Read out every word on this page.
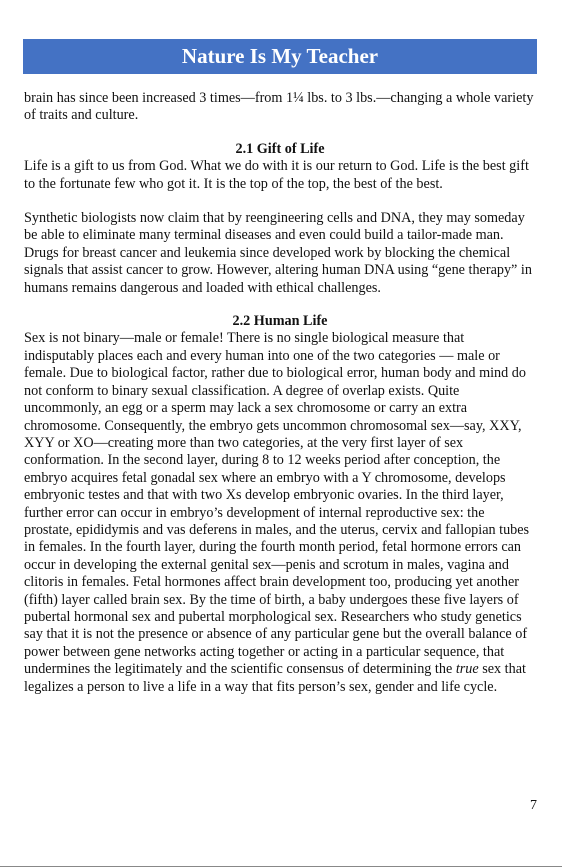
Nature Is My Teacher

brain has since been increased 3 times—from 1¼ lbs. to 3 lbs.—changing a whole variety of traits and culture.

2.1 Gift of Life

Life is a gift to us from God. What we do with it is our return to God. Life is the best gift to the fortunate few who got it. It is the top of the top, the best of the best.

Synthetic biologists now claim that by reengineering cells and DNA, they may someday be able to eliminate many terminal diseases and even could build a tailor-made man. Drugs for breast cancer and leukemia since developed work by blocking the chemical signals that assist cancer to grow. However, altering human DNA using “gene therapy” in humans remains dangerous and loaded with ethical challenges.

2.2 Human Life

Sex is not binary—male or female! There is no single biological measure that indisputably places each and every human into one of the two categories — male or female. Due to biological factor, rather due to biological error, human body and mind do not conform to binary sexual classification. A degree of overlap exists. Quite uncommonly, an egg or a sperm may lack a sex chromosome or carry an extra chromosome. Consequently, the embryo gets uncommon chromosomal sex—say, XXY, XYY or XO—creating more than two categories, at the very first layer of sex conformation. In the second layer, during 8 to 12 weeks period after conception, the embryo acquires fetal gonadal sex where an embryo with a Y chromosome, develops embryonic testes and that with two Xs develop embryonic ovaries. In the third layer, further error can occur in embryo’s development of internal reproductive sex: the prostate, epididymis and vas deferens in males, and the uterus, cervix and fallopian tubes in females. In the fourth layer, during the fourth month period, fetal hormone errors can occur in developing the external genital sex—penis and scrotum in males, vagina and clitoris in females. Fetal hormones affect brain development too, producing yet another (fifth) layer called brain sex. By the time of birth, a baby undergoes these five layers of pubertal hormonal sex and pubertal morphological sex. Researchers who study genetics say that it is not the presence or absence of any particular gene but the overall balance of power between gene networks acting together or acting in a particular sequence, that undermines the legitimately and the scientific consensus of determining the true sex that legalizes a person to live a life in a way that fits person’s sex, gender and life cycle.

7
